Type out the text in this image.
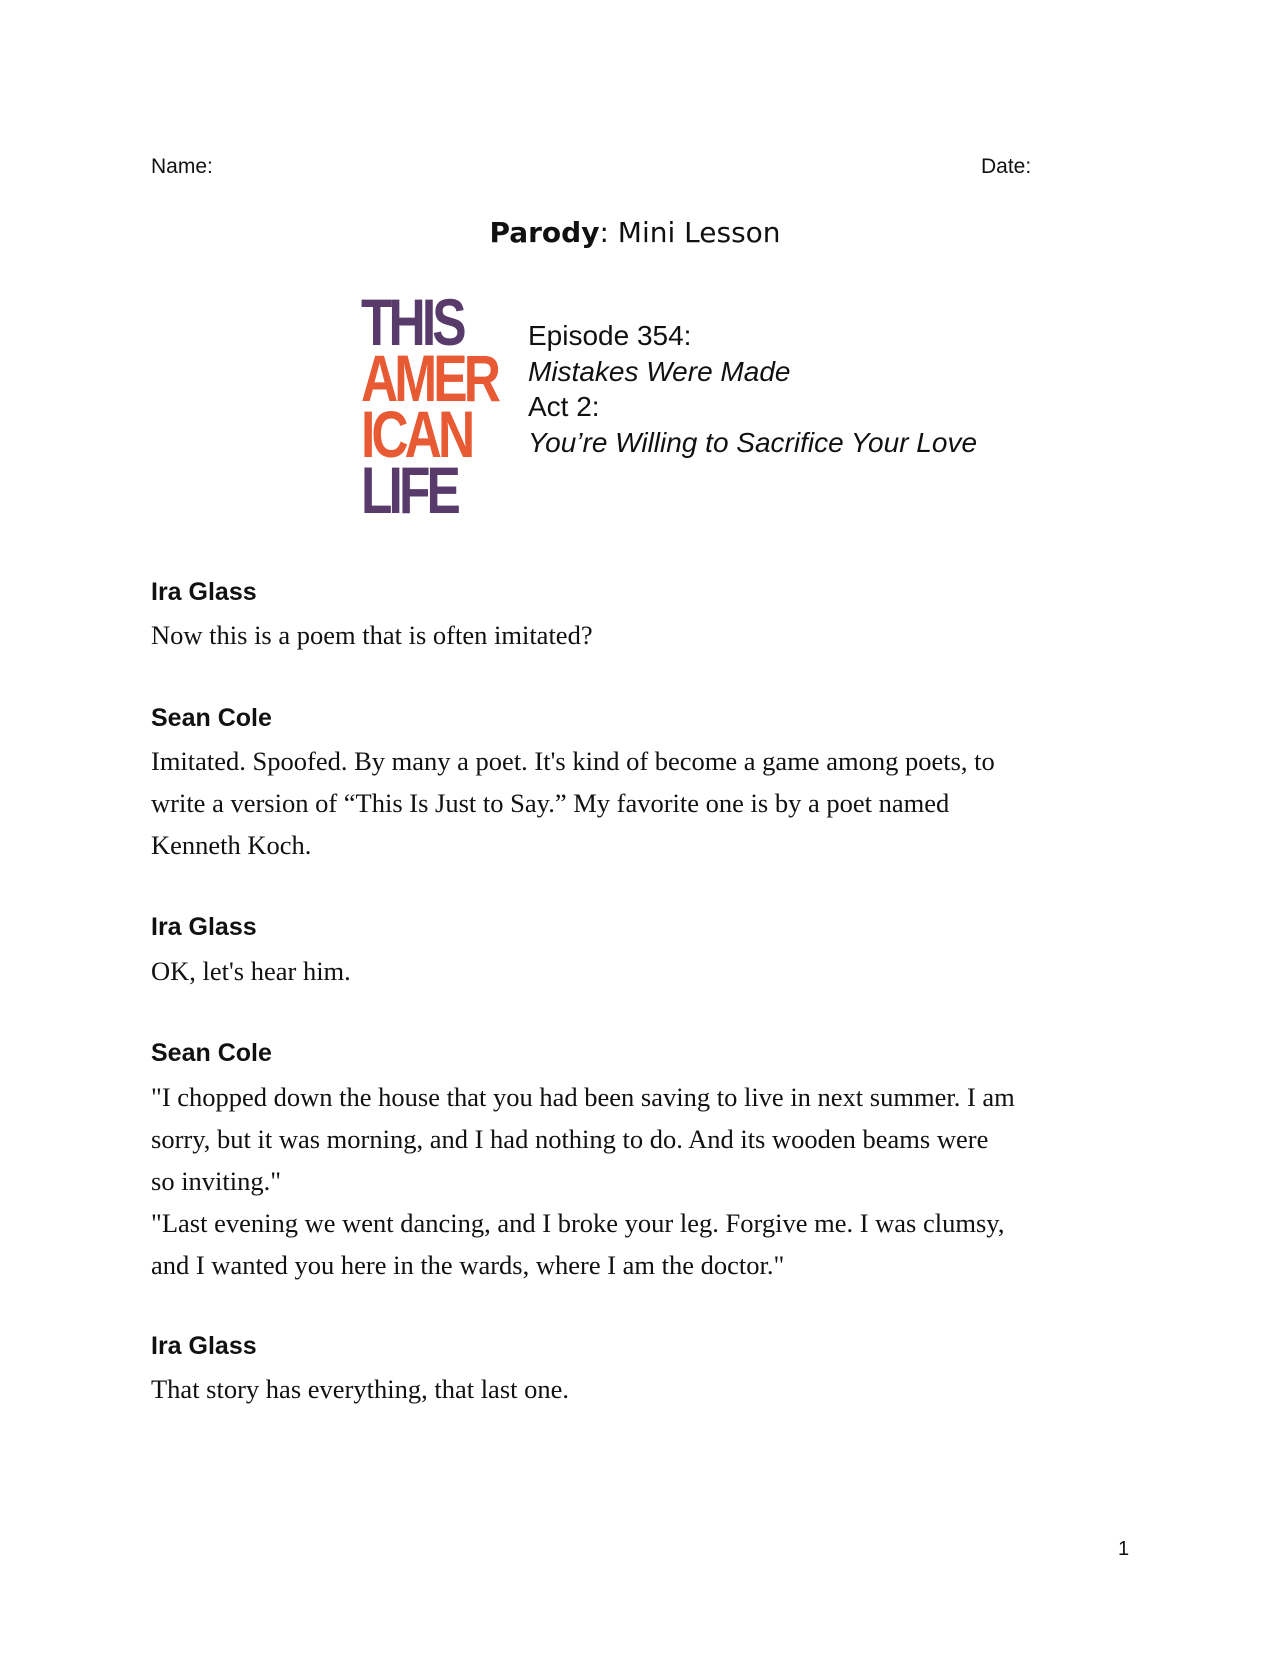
Name:	Date:
Parody: Mini Lesson
THIS
AMER
ICAN
LIFE
Episode 354:
Mistakes Were Made
Act 2:
You’re Willing to Sacrifice Your Love
Ira Glass
Now this is a poem that is often imitated?
Sean Cole
Imitated. Spoofed. By many a poet. It's kind of become a game among poets, to
write a version of “This Is Just to Say.” My favorite one is by a poet named
Kenneth Koch.
Ira Glass
OK, let's hear him.
Sean Cole
"I chopped down the house that you had been saving to live in next summer. I am
sorry, but it was morning, and I had nothing to do. And its wooden beams were
so inviting."
"Last evening we went dancing, and I broke your leg. Forgive me. I was clumsy,
and I wanted you here in the wards, where I am the doctor."
Ira Glass
That story has everything, that last one.
1
